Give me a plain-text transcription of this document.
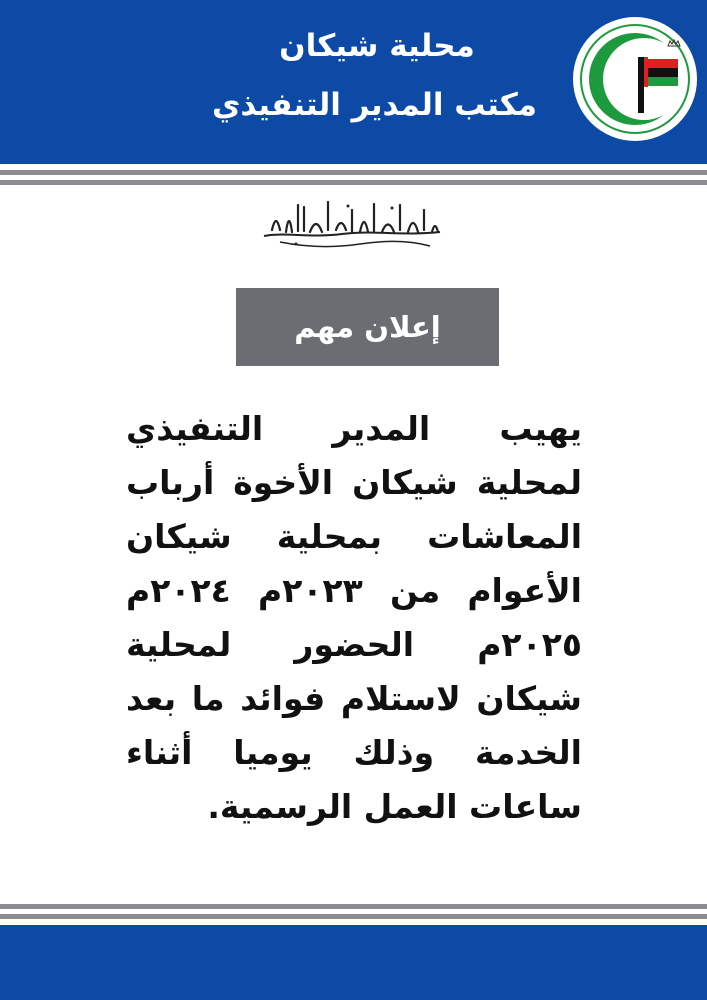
محلية شيكان
مكتب المدير التنفيذي
إعلان مهم
يهيب المدير التنفيذي لمحلية شيكان الأخوة أرباب المعاشات بمحلية شيكان الأعوام من ٢٠٢٣م ٢٠٢٤م ٢٠٢٥م الحضور لمحلية شيكان لاستلام فوائد ما بعد الخدمة وذلك يوميا أثناء ساعات العمل الرسمية.
